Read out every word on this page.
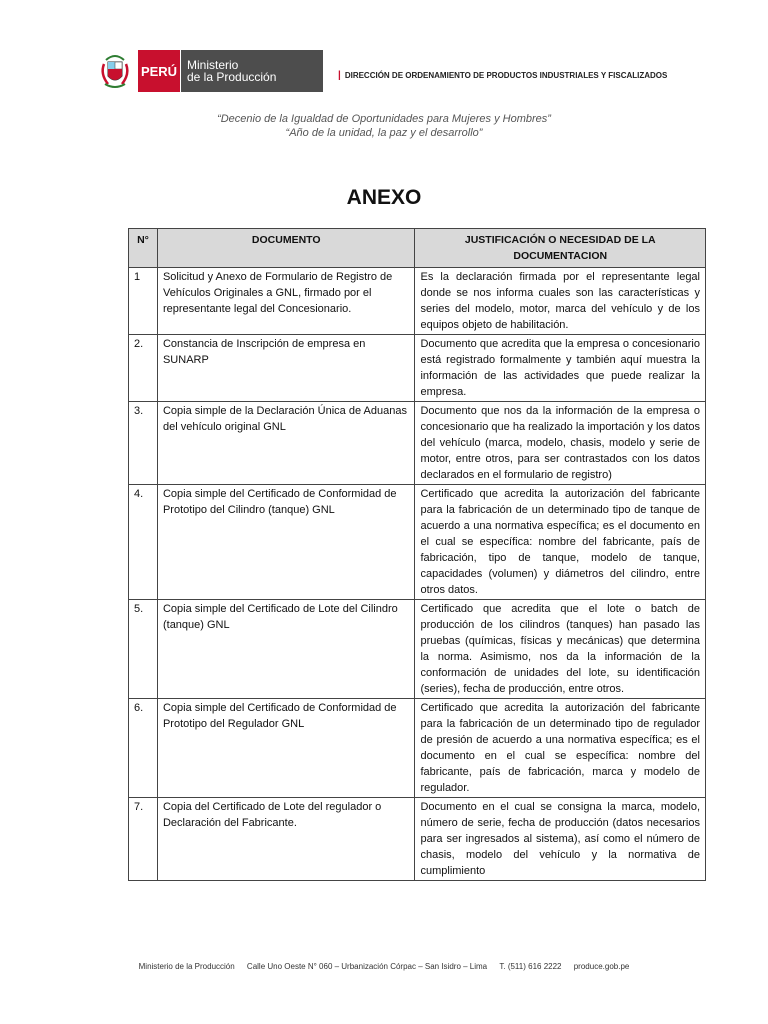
PERÚ Ministerio
de la Producción	| DIRECCIÓN DE ORDENAMIENTO DE PRODUCTOS INDUSTRIALES Y FISCALIZADOS
“Decenio de la Igualdad de Oportunidades para Mujeres y Hombres”
“Año de la unidad, la paz y el desarrollo”
ANEXO
N°	DOCUMENTO	JUSTIFICACIÓN O NECESIDAD DE LA DOCUMENTACION
1	Solicitud y Anexo de Formulario de Registro de Vehículos Originales a GNL, firmado por el representante legal del Concesionario.	Es la declaración firmada por el representante legal donde se nos informa cuales son las características y series del modelo, motor, marca del vehículo y de los equipos objeto de habilitación.
2.	Constancia de Inscripción de empresa en SUNARP	Documento que acredita que la empresa o concesionario está registrado formalmente y también aquí muestra la información de las actividades que puede realizar la empresa.
3.	Copia simple de la Declaración Única de Aduanas del vehículo original GNL	Documento que nos da la información de la empresa o concesionario que ha realizado la importación y los datos del vehículo (marca, modelo, chasis, modelo y serie de motor, entre otros, para ser contrastados con los datos declarados en el formulario de registro)
4.	Copia simple del Certificado de Conformidad de
Prototipo del Cilindro (tanque) GNL	Certificado que acredita la autorización del fabricante para la fabricación de un determinado tipo de tanque de acuerdo a una normativa específica; es el documento en el cual se específica: nombre del fabricante, país de fabricación, tipo de tanque, modelo de tanque, capacidades (volumen) y diámetros del cilindro, entre otros datos.
5.	Copia simple del Certificado de Lote del Cilindro
(tanque) GNL	Certificado que acredita que el lote o batch de producción de los cilindros (tanques) han pasado las pruebas (químicas, físicas y mecánicas) que determina la norma. Asimismo, nos da la información de la conformación de unidades del lote, su identificación (series), fecha de producción, entre otros.
6.	Copia simple del Certificado de Conformidad de
Prototipo del Regulador GNL	Certificado que acredita la autorización del fabricante para la fabricación de un determinado tipo de regulador de presión de acuerdo a una normativa específica; es el documento en el cual se específica: nombre del fabricante, país de fabricación, marca y modelo de regulador.
7.	Copia del Certificado de Lote del regulador o Declaración del Fabricante.	Documento en el cual se consigna la marca, modelo, número de serie, fecha de producción (datos necesarios para ser ingresados al sistema), así como el número de chasis, modelo del vehículo y la normativa de cumplimiento
Ministerio de la Producción Calle Uno Oeste N° 060 – Urbanización Córpac – San Isidro – Lima T. (511) 616 2222 produce.gob.pe
